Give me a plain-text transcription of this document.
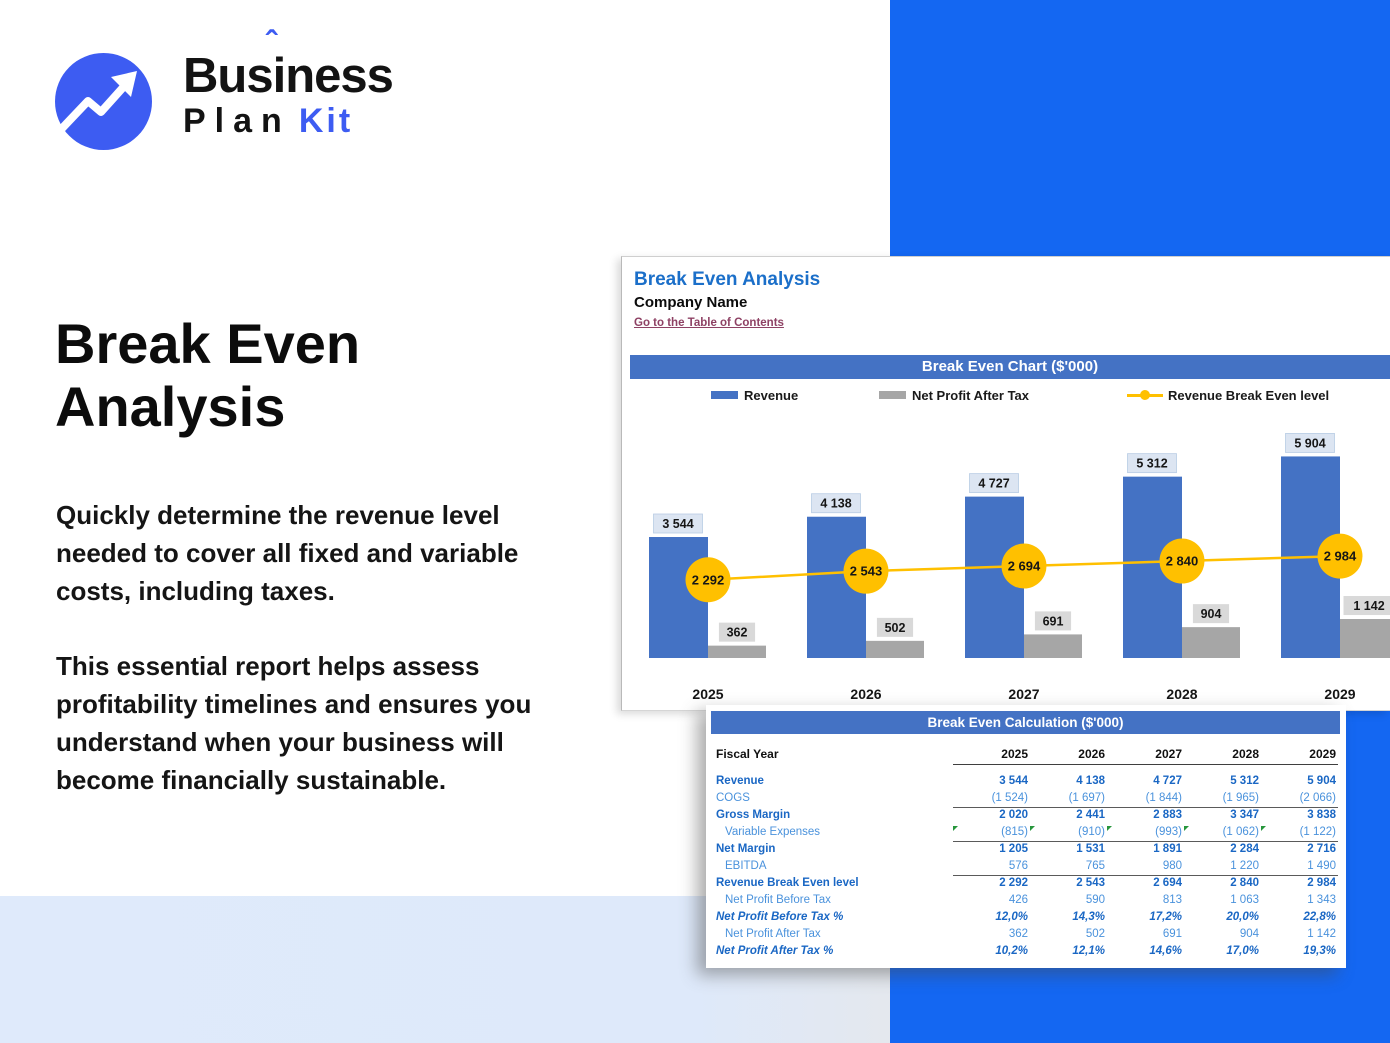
Busi
ˆ
ness
Plan Kit
Break Even
Analysis

Quickly determine the revenue level needed to cover all fixed and variable costs, including taxes.

This essential report helps assess profitability timelines and ensures you understand when your business will become financially sustainable.

Break Even Analysis
Company Name
Go to the Table of Contents
Break Even Chart ($'000)
Revenue	Net Profit After Tax	Revenue Break Even level
3 544
362
4 138
502
4 727
691
5 312
904
5 904
1 142
2 292
2025
2 543
2026
2 694
2027
2 840
2028
2 984
2029
Break Even Calculation ($'000)
Fiscal Year	2025	2026	2027	2028	2029
Revenue	3 544	4 138	4 727	5 312	5 904
COGS	(1 524)	(1 697)	(1 844)	(1 965)	(2 066)
Gross Margin	2 020	2 441	2 883	3 347	3 838
Variable Expenses	(815)	(910)	(993)	(1 062)	(1 122)
Net Margin	1 205	1 531	1 891	2 284	2 716
EBITDA	576	765	980	1 220	1 490
Revenue Break Even level	2 292	2 543	2 694	2 840	2 984
Net Profit Before Tax	426	590	813	1 063	1 343
Net Profit Before Tax %	12,0%	14,3%	17,2%	20,0%	22,8%
Net Profit After Tax	362	502	691	904	1 142
Net Profit After Tax %	10,2%	12,1%	14,6%	17,0%	19,3%
